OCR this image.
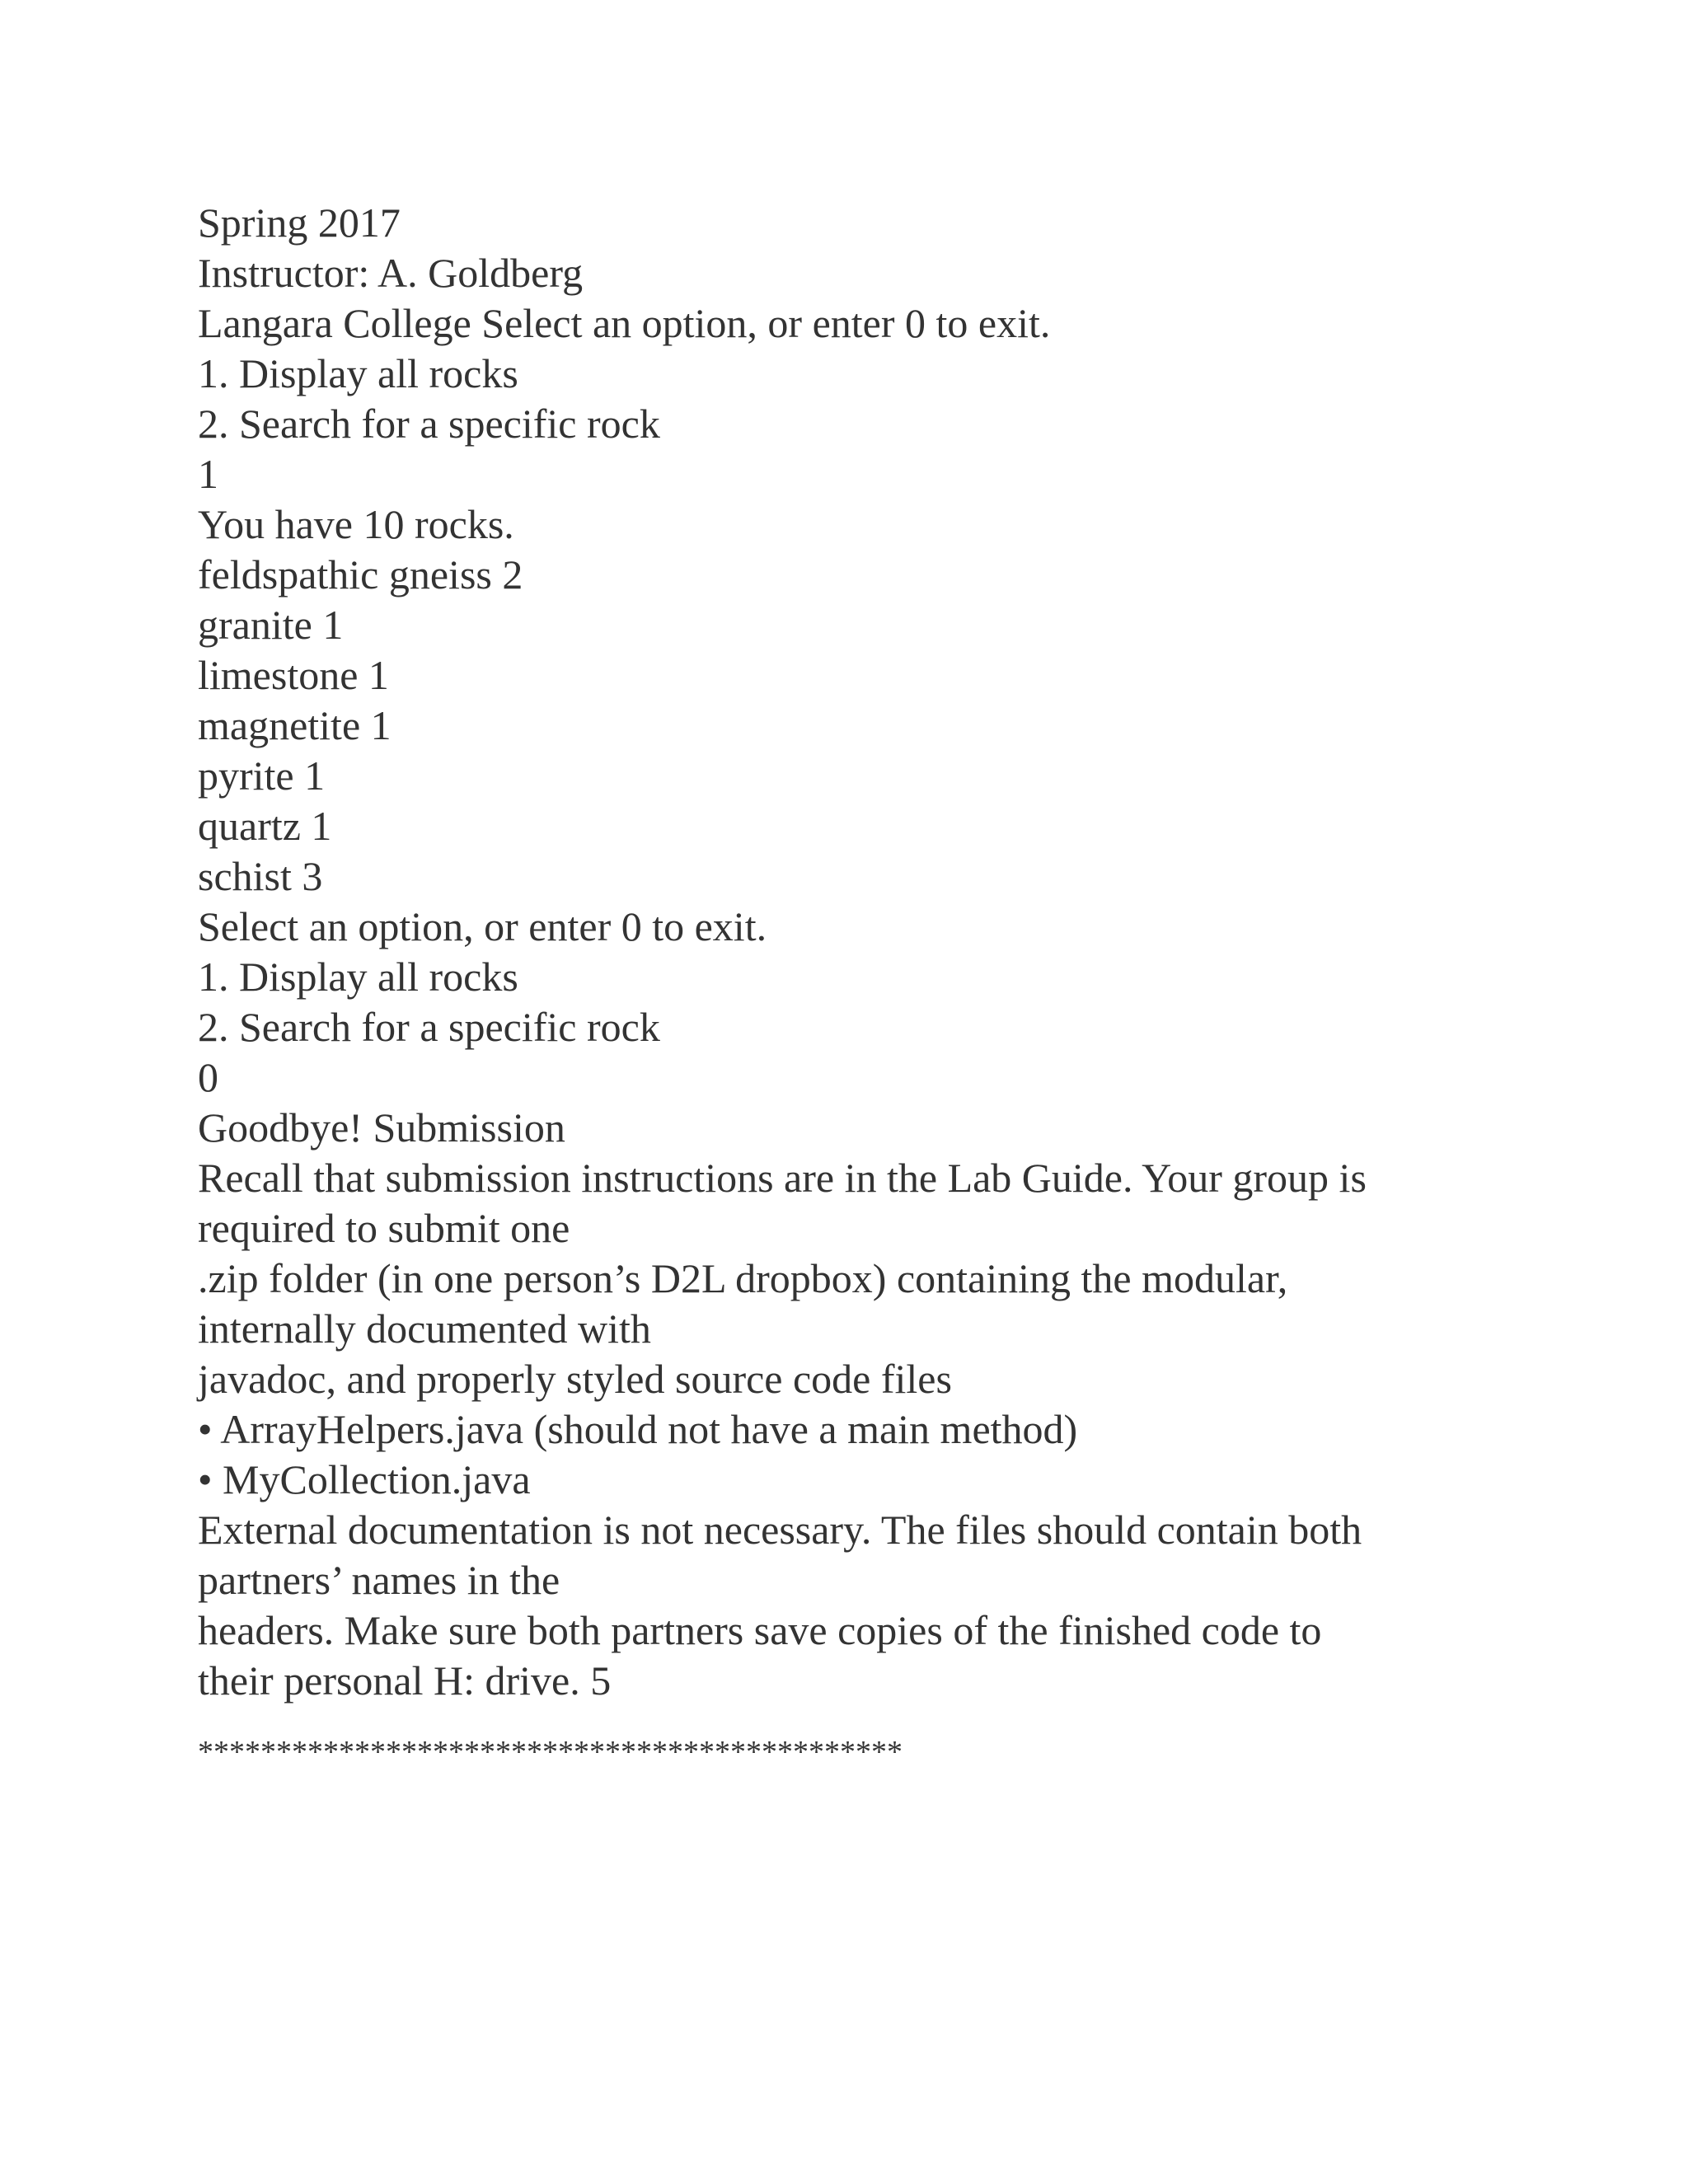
Spring 2017
Instructor: A. Goldberg
Langara College Select an option, or enter 0 to exit.
1. Display all rocks
2. Search for a specific rock
1
You have 10 rocks.
feldspathic gneiss 2
granite 1
limestone 1
magnetite 1
pyrite 1
quartz 1
schist 3
Select an option, or enter 0 to exit.
1. Display all rocks
2. Search for a specific rock
0
Goodbye! Submission
Recall that submission instructions are in the Lab Guide. Your group is
required to submit one
.zip folder (in one person’s D2L dropbox) containing the modular,
internally documented with
javadoc, and properly styled source code files
• ArrayHelpers.java (should not have a main method)
• MyCollection.java
External documentation is not necessary. The files should contain both
partners’ names in the
headers. Make sure both partners save copies of the finished code to
their personal H: drive. 5
*********************************************
